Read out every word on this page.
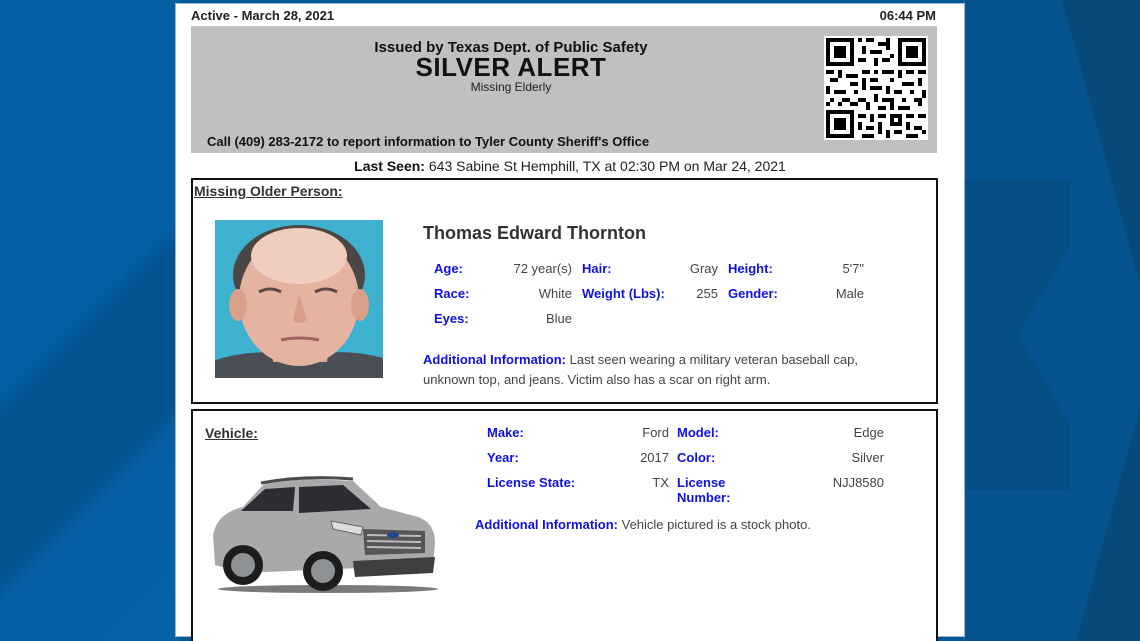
Active - March 28, 2021	06:44 PM
Issued by Texas Dept. of Public Safety
SILVER ALERT
Missing Elderly
Call (409) 283-2172 to report information to Tyler County Sheriff's Office
Last Seen: 643 Sabine St Hemphill, TX at 02:30 PM on Mar 24, 2021
Missing Older Person:
Thomas Edward Thornton
Age:	72 year(s) Hair:	Gray Height:	5'7"
Race:	White Weight (Lbs):	255 Gender:	Male
Eyes:	Blue
Additional Information: Last seen wearing a military veteran baseball cap, unknown top, and jeans. Victim also has a scar on right arm.
Vehicle:	Make:	Ford Model:	Edge
Year:	2017 Color:	Silver
License State:	TX License Number:
NJJ8580
Additional Information: Vehicle pictured is a stock photo.
